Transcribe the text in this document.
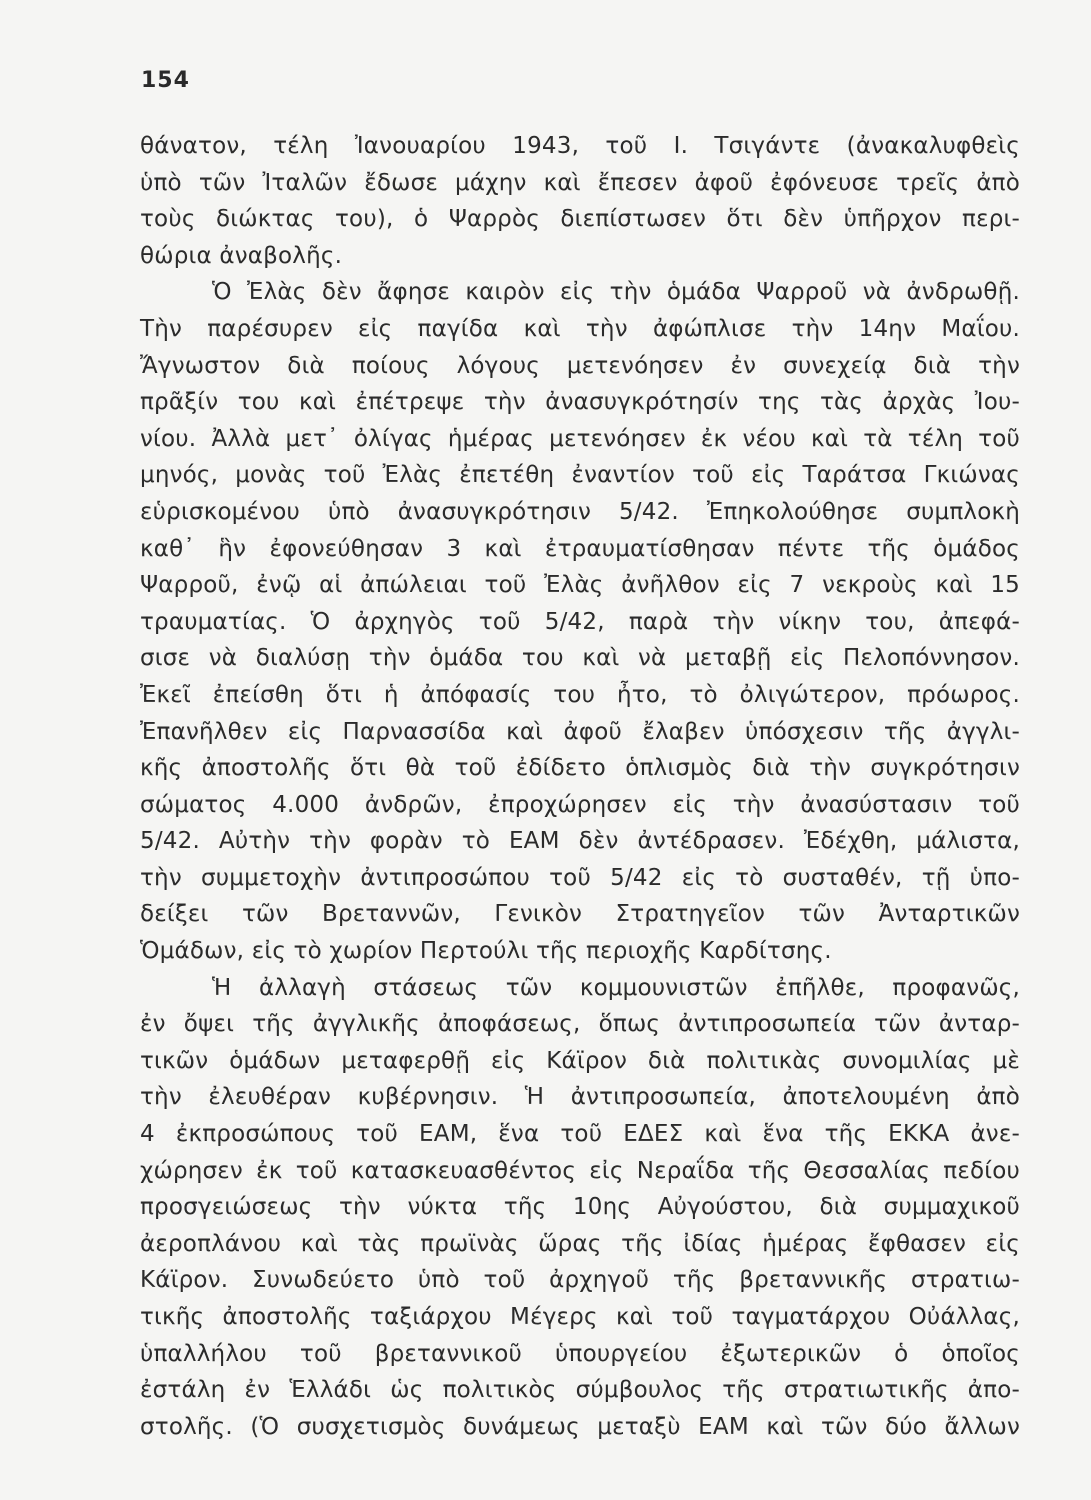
154
θάνατον, τέλη Ἰανουαρίου 1943, τοῦ Ι. Τσιγάντε (ἀνακαλυφθεὶς
ὑπὸ τῶν Ἰταλῶν ἔδωσε μάχην καὶ ἔπεσεν ἀφοῦ ἐφόνευσε τρεῖς ἀπὸ
τοὺς διώκτας του), ὁ Ψαρρὸς διεπίστωσεν ὅτι δὲν ὑπῆρχον περι-
θώρια ἀναβολῆς.
Ὁ Ἐλὰς δὲν ἄφησε καιρὸν εἰς τὴν ὁμάδα Ψαρροῦ νὰ ἀνδρωθῇ.
Τὴν παρέσυρεν εἰς παγίδα καὶ τὴν ἀφώπλισε τὴν 14ην Μαΐου.
Ἄγνωστον διὰ ποίους λόγους μετενόησεν ἐν συνεχείᾳ διὰ τὴν
πρᾶξίν του καὶ ἐπέτρεψε τὴν ἀνασυγκρότησίν της τὰς ἀρχὰς Ἰου-
νίου. Ἀλλὰ μετ᾽ ὀλίγας ἡμέρας μετενόησεν ἐκ νέου καὶ τὰ τέλη τοῦ
μηνός, μονὰς τοῦ Ἐλὰς ἐπετέθη ἐναντίον τοῦ εἰς Ταράτσα Γκιώνας
εὑρισκομένου ὑπὸ ἀνασυγκρότησιν 5/42. Ἐπηκολούθησε συμπλοκὴ
καθ᾽ ἣν ἐφονεύθησαν 3 καὶ ἐτραυματίσθησαν πέντε τῆς ὁμάδος
Ψαρροῦ, ἐνῷ αἱ ἀπώλειαι τοῦ Ἐλὰς ἀνῆλθον εἰς 7 νεκροὺς καὶ 15
τραυματίας. Ὁ ἀρχηγὸς τοῦ 5/42, παρὰ τὴν νίκην του, ἀπεφά-
σισε νὰ διαλύσῃ τὴν ὁμάδα του καὶ νὰ μεταβῇ εἰς Πελοπόννησον.
Ἐκεῖ ἐπείσθη ὅτι ἡ ἀπόφασίς του ἦτο, τὸ ὀλιγώτερον, πρόωρος.
Ἐπανῆλθεν εἰς Παρνασσίδα καὶ ἀφοῦ ἔλαβεν ὑπόσχεσιν τῆς ἀγγλι-
κῆς ἀποστολῆς ὅτι θὰ τοῦ ἐδίδετο ὁπλισμὸς διὰ τὴν συγκρότησιν
σώματος 4.000 ἀνδρῶν, ἐπροχώρησεν εἰς τὴν ἀνασύστασιν τοῦ
5/42. Αὐτὴν τὴν φορὰν τὸ ΕΑΜ δὲν ἀντέδρασεν. Ἐδέχθη, μάλιστα,
τὴν συμμετοχὴν ἀντιπροσώπου τοῦ 5/42 εἰς τὸ συσταθέν, τῇ ὑπο-
δείξει τῶν Βρεταννῶν, Γενικὸν Στρατηγεῖον τῶν Ἀνταρτικῶν
Ὁμάδων, εἰς τὸ χωρίον Περτούλι τῆς περιοχῆς Καρδίτσης.
Ἡ ἀλλαγὴ στάσεως τῶν κομμουνιστῶν ἐπῆλθε, προφανῶς,
ἐν ὄψει τῆς ἀγγλικῆς ἀποφάσεως, ὅπως ἀντιπροσωπεία τῶν ἀνταρ-
τικῶν ὁμάδων μεταφερθῇ εἰς Κάϊρον διὰ πολιτικὰς συνομιλίας μὲ
τὴν ἐλευθέραν κυβέρνησιν. Ἡ ἀντιπροσωπεία, ἀποτελουμένη ἀπὸ
4 ἐκπροσώπους τοῦ ΕΑΜ, ἕνα τοῦ ΕΔΕΣ καὶ ἕνα τῆς ΕΚΚΑ ἀνε-
χώρησεν ἐκ τοῦ κατασκευασθέντος εἰς Νεραΐδα τῆς Θεσσαλίας πεδίου
προσγειώσεως τὴν νύκτα τῆς 10ης Αὐγούστου, διὰ συμμαχικοῦ
ἀεροπλάνου καὶ τὰς πρωϊνὰς ὥρας τῆς ἰδίας ἡμέρας ἔφθασεν εἰς
Κάϊρον. Συνωδεύετο ὑπὸ τοῦ ἀρχηγοῦ τῆς βρεταννικῆς στρατιω-
τικῆς ἀποστολῆς ταξιάρχου Μέγερς καὶ τοῦ ταγματάρχου Οὐάλλας,
ὑπαλλήλου τοῦ βρεταννικοῦ ὑπουργείου ἐξωτερικῶν ὁ ὁποῖος
ἐστάλη ἐν Ἑλλάδι ὡς πολιτικὸς σύμβουλος τῆς στρατιωτικῆς ἀπο-
στολῆς. (Ὁ συσχετισμὸς δυνάμεως μεταξὺ ΕΑΜ καὶ τῶν δύο ἄλλων
